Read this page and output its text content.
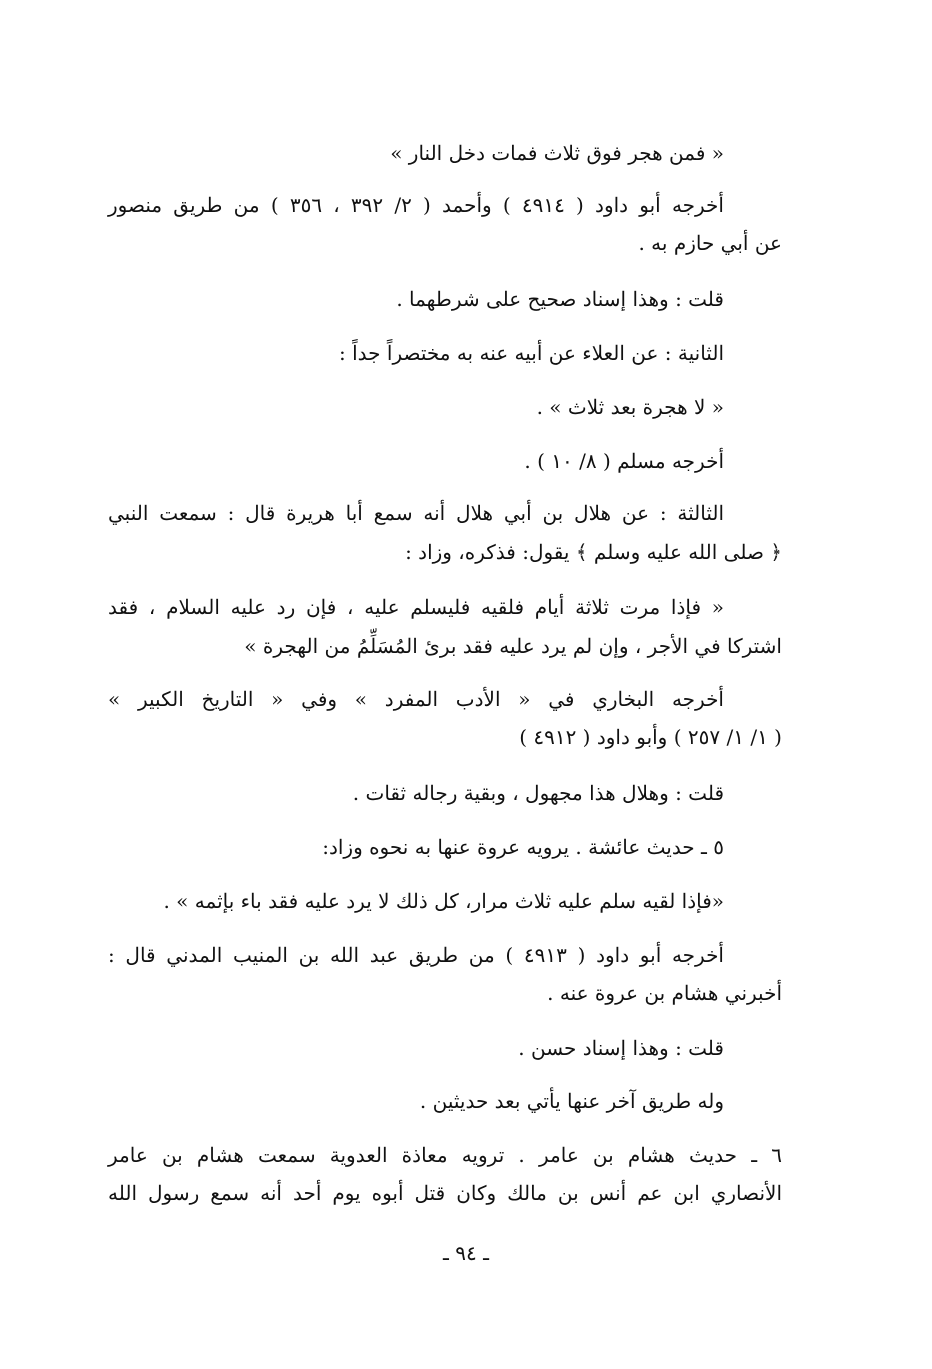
« فمن هجر فوق ثلاث فمات دخل النار »
أخرجه أبو داود ( ٤٩١٤ ) وأحمد ( ٢/ ٣٩٢ ، ٣٥٦ ) من طريق منصور
عن أبي حازم به .
قلت : وهذا إسناد صحيح على شرطهما .
الثانية : عن العلاء عن أبيه عنه به مختصراً جداً :
« لا هجرة بعد ثلاث » .
أخرجه مسلم ( ٨/ ١٠ ) .
الثالثة : عن هلال بن أبي هلال أنه سمع أبا هريرة قال : سمعت النبي
﴿ صلى الله عليه وسلم ﴾ يقول: فذكره، وزاد :
« فإذا مرت ثلاثة أيام فلقيه فليسلم عليه ، فإن رد عليه السلام ، فقد
اشتركا في الأجر ، وإن لم يرد عليه فقد برئ المُسَلِّمُ من الهجرة »
أخرجه البخاري في « الأدب المفرد » وفي « التاريخ الكبير »
( ١/ ١/ ٢٥٧ ) وأبو داود ( ٤٩١٢ )
قلت : وهلال هذا مجهول ، وبقية رجاله ثقات .
٥ ـ حديث عائشة . يرويه عروة عنها به نحوه وزاد:
«فإذا لقيه سلم عليه ثلاث مرار، كل ذلك لا يرد عليه فقد باء بإثمه » .
أخرجه أبو داود ( ٤٩١٣ ) من طريق عبد الله بن المنيب المدني قال :
أخبرني هشام بن عروة عنه .
قلت : وهذا إسناد حسن .
وله طريق آخر عنها يأتي بعد حديثين .
٦ ـ حديث هشام بن عامر . ترويه معاذة العدوية سمعت هشام بن عامر
الأنصاري ابن عم أنس بن مالك وكان قتل أبوه يوم أحد أنه سمع رسول الله
ـ ٩٤ ـ
